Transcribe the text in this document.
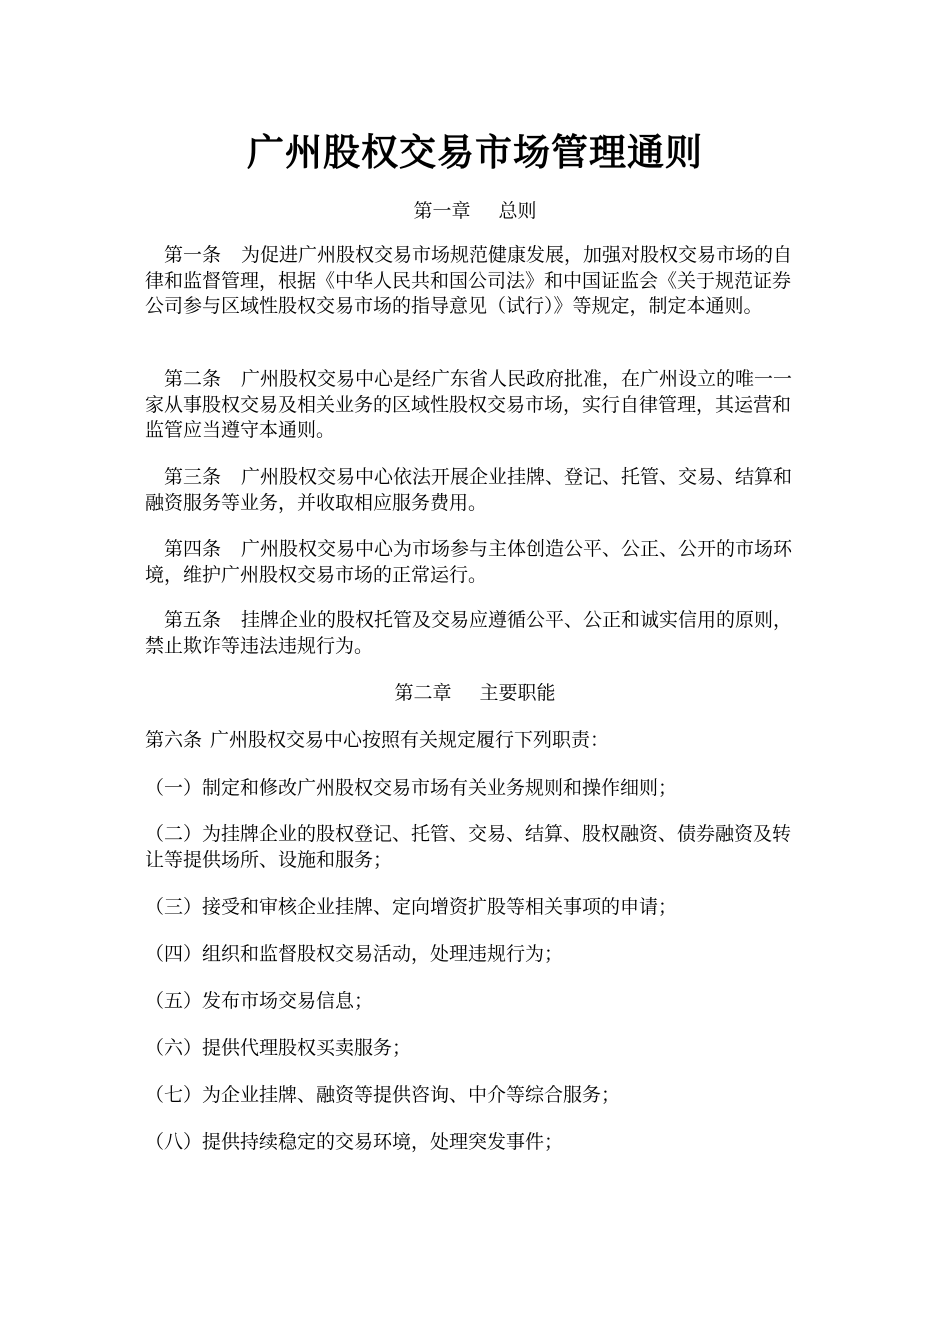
广州股权交易市场管理通则

第一章 总则

第一条 为促进广州股权交易市场规范健康发展，加强对股权交易市场的自律和监督管理，根据《中华人民共和国公司法》和中国证监会《关于规范证券公司参与区域性股权交易市场的指导意见（试行）》等规定，制定本通则。

第二条 广州股权交易中心是经广东省人民政府批准，在广州设立的唯一一家从事股权交易及相关业务的区域性股权交易市场，实行自律管理，其运营和监管应当遵守本通则。

第三条 广州股权交易中心依法开展企业挂牌、登记、托管、交易、结算和融资服务等业务，并收取相应服务费用。

第四条 广州股权交易中心为市场参与主体创造公平、公正、公开的市场环境，维护广州股权交易市场的正常运行。

第五条 挂牌企业的股权托管及交易应遵循公平、公正和诚实信用的原则，禁止欺诈等违法违规行为。

第二章 主要职能

第六条 广州股权交易中心按照有关规定履行下列职责：

（一）制定和修改广州股权交易市场有关业务规则和操作细则；

（二）为挂牌企业的股权登记、托管、交易、结算、股权融资、债券融资及转让等提供场所、设施和服务；

（三）接受和审核企业挂牌、定向增资扩股等相关事项的申请；

（四）组织和监督股权交易活动，处理违规行为；

（五）发布市场交易信息；

（六）提供代理股权买卖服务；

（七）为企业挂牌、融资等提供咨询、中介等综合服务；

（八）提供持续稳定的交易环境，处理突发事件；
